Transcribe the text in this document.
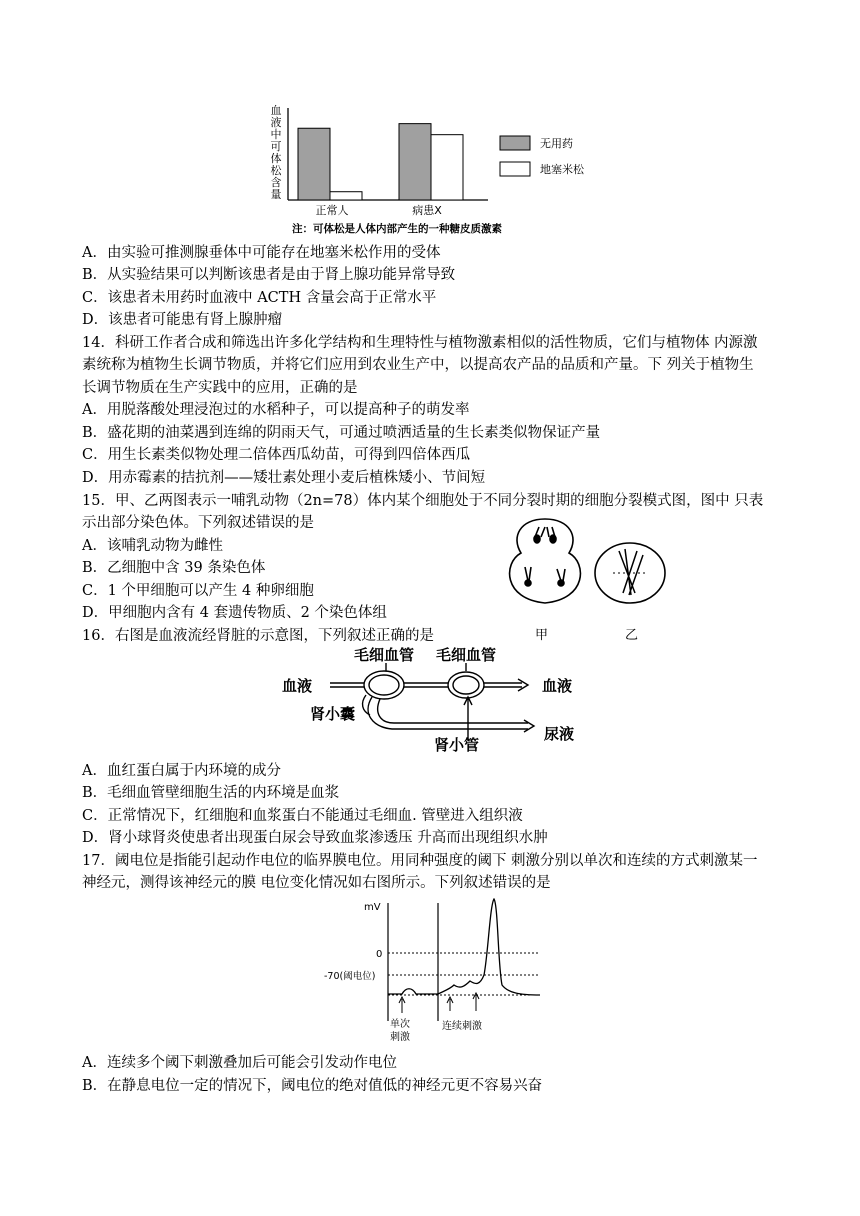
血液中可体松含量
正常人	病患X
无用药
地塞米松
注：可体松是人体内部产生的一种糖皮质激素
A．由实验可推测腺垂体中可能存在地塞米松作用的受体
B．从实验结果可以判断该患者是由于肾上腺功能异常导致
C．该患者未用药时血液中 ACTH 含量会高于正常水平
D．该患者可能患有肾上腺肿瘤
14．科研工作者合成和筛选出许多化学结构和生理特性与植物激素相似的活性物质，它们与植物体 内源激
素统称为植物生长调节物质，并将它们应用到农业生产中，以提高农产品的品质和产量。下 列关于植物生
长调节物质在生产实践中的应用，正确的是
A．用脱落酸处理浸泡过的水稻种子，可以提高种子的萌发率
B．盛花期的油菜遇到连绵的阴雨天气，可通过喷洒适量的生长素类似物保证产量
C．用生长素类似物处理二倍体西瓜幼苗，可得到四倍体西瓜
D．用赤霉素的拮抗剂——矮壮素处理小麦后植株矮小、节间短
15．甲、乙两图表示一哺乳动物（2n=78）体内某个细胞处于不同分裂时期的细胞分裂模式图，图中 只表
示出部分染色体。下列叙述错误的是
A．该哺乳动物为雌性
B．乙细胞中含 39 条染色体
C．1 个甲细胞可以产生 4 种卵细胞
D．甲细胞内含有 4 套遗传物质、2 个染色体组
甲	乙
16．右图是血液流经肾脏的示意图，下列叙述正确的是
毛细血管 毛细血管
血液	血液
肾小囊
肾小管
尿液
A．血红蛋白属于内环境的成分
B．毛细血管壁细胞生活的内环境是血浆
C．正常情况下，红细胞和血浆蛋白不能通过毛细血. 管壁进入组织液
D．肾小球肾炎使患者出现蛋白尿会导致血浆渗透压 升高而出现组织水肿
17．阈电位是指能引起动作电位的临界膜电位。用同种强度的阈下 刺激分别以单次和连续的方式刺激某一
神经元，测得该神经元的膜 电位变化情况如右图所示。下列叙述错误的是
mV
0
-70(阈电位)
单次
刺激
连续刺激
A．连续多个阈下刺激叠加后可能会引发动作电位
B．在静息电位一定的情况下，阈电位的绝对值低的神经元更不容易兴奋
